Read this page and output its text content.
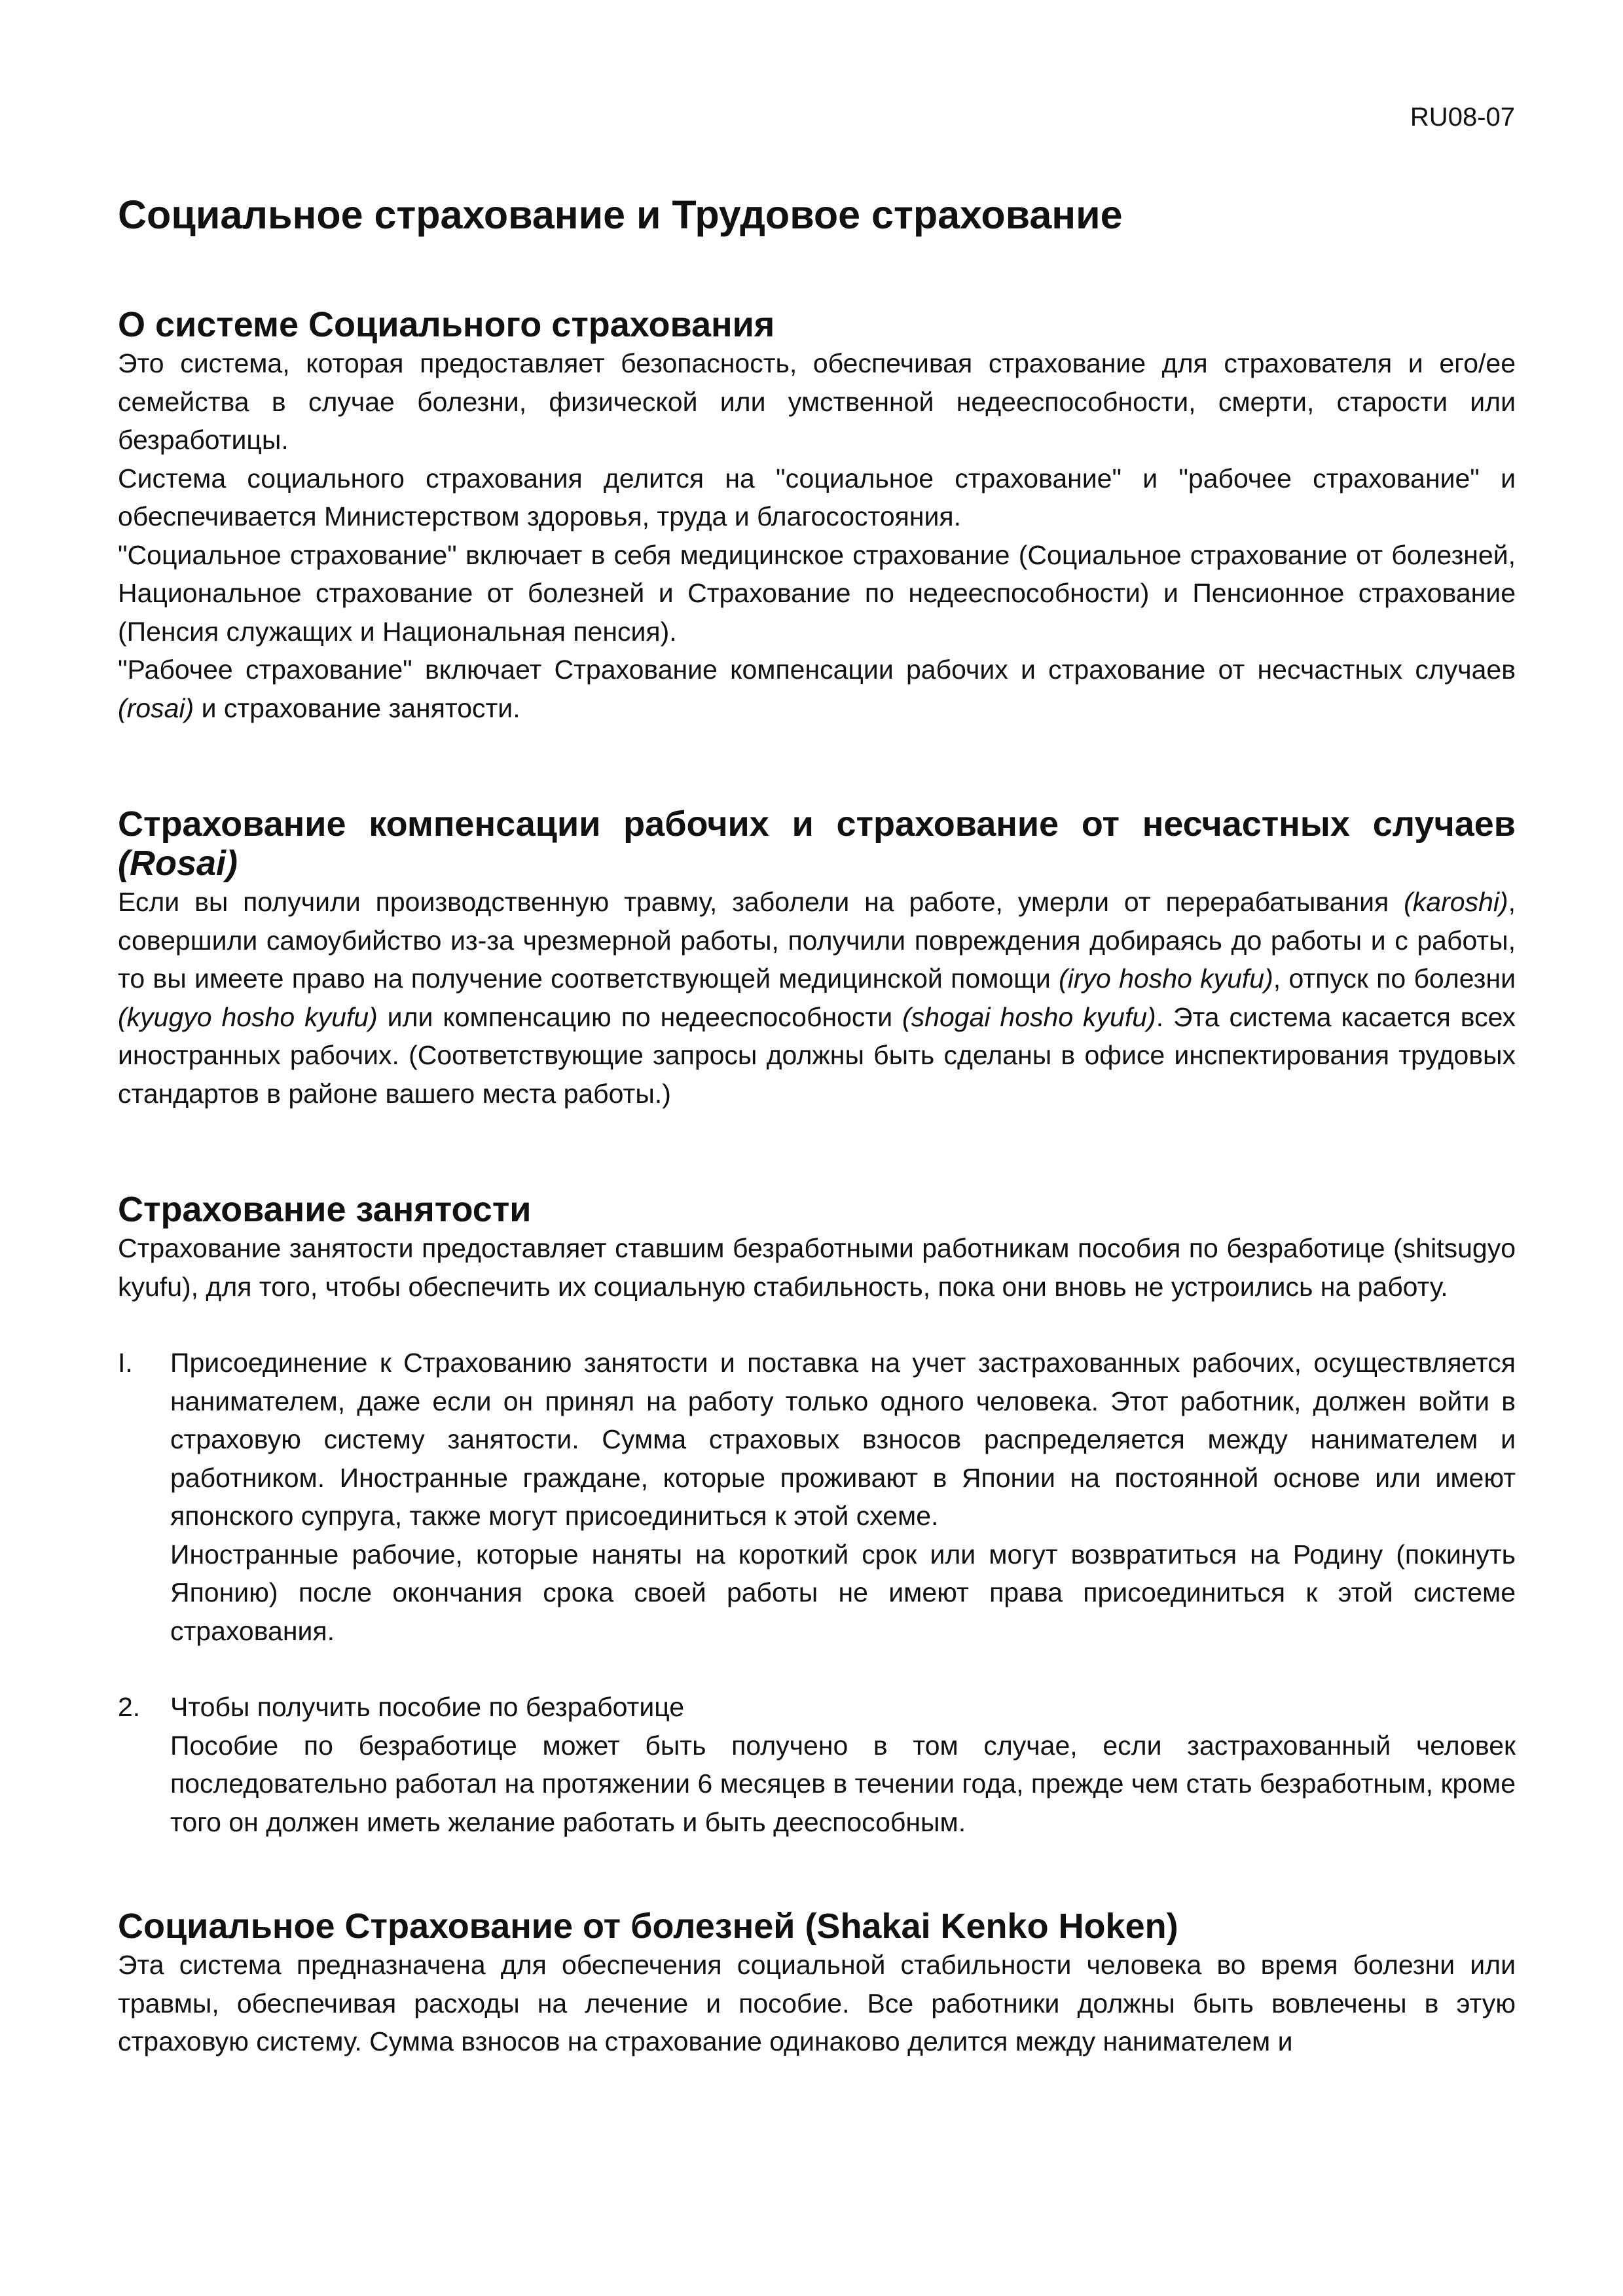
RU08-07
Социальное страхование и Трудовое страхование
О системе Социального страхования

Это система, которая предоставляет безопасность, обеспечивая страхование для страхователя и его/ее семейства в случае болезни, физической или умственной недееспособности, смерти, старости или безработицы.

Система социального страхования делится на "социальное страхование" и "рабочее страхование" и обеспечивается Министерством здоровья, труда и благосостояния.

"Социальное страхование" включает в себя медицинское страхование (Социальное страхование от болезней, Национальное страхование от болезней и Страхование по недееспособности) и Пенсионное страхование (Пенсия служащих и Национальная пенсия).

"Рабочее страхование" включает Страхование компенсации рабочих и страхование от несчастных случаев (rosai) и страхование занятости.

Страхование компенсации рабочих и страхование от несчастных случаев (Rosai)

Если вы получили производственную травму, заболели на работе, умерли от перерабатывания (karoshi), совершили самоубийство из-за чрезмерной работы, получили повреждения добираясь до работы и с работы, то вы имеете право на получение соответствующей медицинской помощи (iryo hosho kyufu), отпуск по болезни (kyugyo hosho kyufu) или компенсацию по недееспособности (shogai hosho kyufu). Эта система касается всех иностранных рабочих. (Соответствующие запросы должны быть сделаны в офисе инспектирования трудовых стандартов в районе вашего места работы.)

Страхование занятости

Страхование занятости предоставляет ставшим безработными работникам пособия по безработице (shitsugyo kyufu), для того, чтобы обеспечить их социальную стабильность, пока они вновь не устроились на работу.

I.	Присоединение к Страхованию занятости и поставка на учет застрахованных рабочих, осуществляется нанимателем, даже если он принял на работу только одного человека. Этот работник, должен войти в страховую систему занятости. Сумма страховых взносов распределяется между нанимателем и работником. Иностранные граждане, которые проживают в Японии на постоянной основе или имеют японского супруга, также могут присоединиться к этой схеме.

Иностранные рабочие, которые наняты на короткий срок или могут возвратиться на Родину (покинуть Японию) после окончания срока своей работы не имеют права присоединиться к этой системе страхования.

2.	Чтобы получить пособие по безработице

Пособие по безработице может быть получено в том случае, если застрахованный человек последовательно работал на протяжении 6 месяцев в течении года, прежде чем стать безработным, кроме того он должен иметь желание работать и быть дееспособным.

Социальное Страхование от болезней (Shakai Kenko Hoken)

Эта система предназначена для обеспечения социальной стабильности человека во время болезни или травмы, обеспечивая расходы на лечение и пособие. Все работники должны быть вовлечены в этую страховую систему. Сумма взносов на страхование одинаково делится между нанимателем и
